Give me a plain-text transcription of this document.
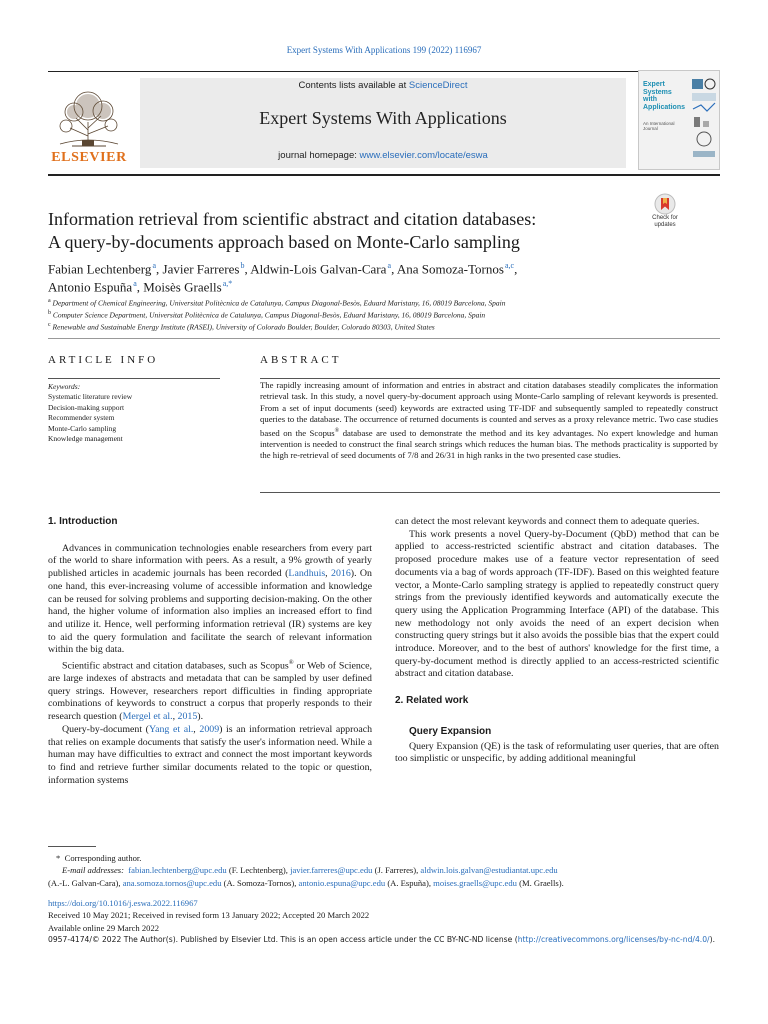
Expert Systems With Applications 199 (2022) 116967
ELSEVIER
Contents lists available at ScienceDirect
Expert Systems With Applications
journal homepage: www.elsevier.com/locate/eswa
Expert
Systems
with
Applications
An International Journal
Check for updates
Information retrieval from scientific abstract and citation databases:
A query-by-documents approach based on Monte-Carlo sampling
Fabian Lechtenberg $^a$, Javier Farreres $^b$, Aldwin-Lois Galvan-Cara $^a$, Ana Somoza-Tornos $^{a,c}$,
Antonio Espuña $^a$, Moisès Graells $^{a,*}$
$^a$ Department of Chemical Engineering, Universitat Politècnica de Catalunya, Campus Diagonal-Besòs, Eduard Maristany, 16, 08019 Barcelona, Spain
$^b$ Computer Science Department, Universitat Politècnica de Catalunya, Campus Diagonal-Besòs, Eduard Maristany, 16, 08019 Barcelona, Spain
$^c$ Renewable and Sustainable Energy Institute (RASEI), University of Colorado Boulder, Boulder, Colorado 80303, United States
ARTICLE INFO	ABSTRACT
Keywords:
Systematic literature review
Decision-making support
Recommender system
Monte-Carlo sampling
Knowledge management
The rapidly increasing amount of information and entries in abstract and citation databases steadily complicates the information retrieval task. In this study, a novel query-by-document approach using Monte-Carlo sampling of relevant keywords is presented. From a set of input documents (seed) keywords are extracted using TF-IDF and subsequently sampled to repeatedly construct queries to the database. The occurrence of returned documents is counted and serves as a proxy relevance metric. Two case studies based on the Scopus® database are used to demonstrate the method and its key advantages. No expert knowledge and human intervention is needed to construct the final search strings which reduces the human bias. The methods practicality is supported by the high re-retrieval of seed documents of 7/8 and 26/31 in high ranks in the two presented case studies.
1. Introduction

Advances in communication technologies enable researchers from every part of the world to share information with peers. As a result, a 9% growth of yearly published articles in academic journals has been recorded (Landhuis, 2016). On one hand, this ever-increasing volume of accessible information and knowledge can be reused for solving problems and supporting decision-making. On the other hand, the higher volume of information also implies an increased effort to find and utilize it. Hence, well performing information retrieval (IR) systems are key to aid the query formulation and facilitate the search of relevant information within the big data.

Scientific abstract and citation databases, such as Scopus® or Web of Science, are large indexes of abstracts and metadata that can be sampled by user defined query strings. However, researchers report difficulties in finding appropriate combinations of keywords to construct a corpus that properly responds to their research question (Mergel et al., 2015).

Query-by-document (Yang et al., 2009) is an information retrieval approach that relies on example documents that satisfy the user's information need. While a human may have difficulties to extract and connect the most important keywords to find and retrieve further similar documents related to the topic or question, information systems

can detect the most relevant keywords and connect them to adequate queries.

This work presents a novel Query-by-Document (QbD) method that can be applied to access-restricted scientific abstract and citation databases. The proposed procedure makes use of a feature vector representation of seed documents via a bag of words approach (TF-IDF). Based on this weighted feature vector, a Monte-Carlo sampling strategy is applied to repeatedly construct query strings from the previously identified keywords and automatically execute the query using the Application Programming Interface (API) of the database. This new methodology not only avoids the need of an expert decision when constructing query strings but it also avoids the possible bias that the expert could introduce. Moreover, and to the best of authors' knowledge for the first time, a query-by-document method is directly applied to an access-restricted scientific abstract and citation database.

2. Related work
Query Expansion

Query Expansion (QE) is the task of reformulating user queries, that are often too simplistic or unspecific, by adding additional meaningful

* Corresponding author.
E-mail addresses: fabian.lechtenberg@upc.edu (F. Lechtenberg), javier.farreres@upc.edu (J. Farreres), aldwin.lois.galvan@estudiantat.upc.edu
(A.-L. Galvan-Cara), ana.somoza.tornos@upc.edu (A. Somoza-Tornos), antonio.espuna@upc.edu (A. Espuña), moises.graells@upc.edu (M. Graells).
https://doi.org/10.1016/j.eswa.2022.116967
Received 10 May 2021; Received in revised form 13 January 2022; Accepted 20 March 2022
Available online 29 March 2022
0957-4174/© 2022 The Author(s). Published by Elsevier Ltd. This is an open access article under the CC BY-NC-ND license (http://creativecommons.org/licenses/by-nc-nd/4.0/).
